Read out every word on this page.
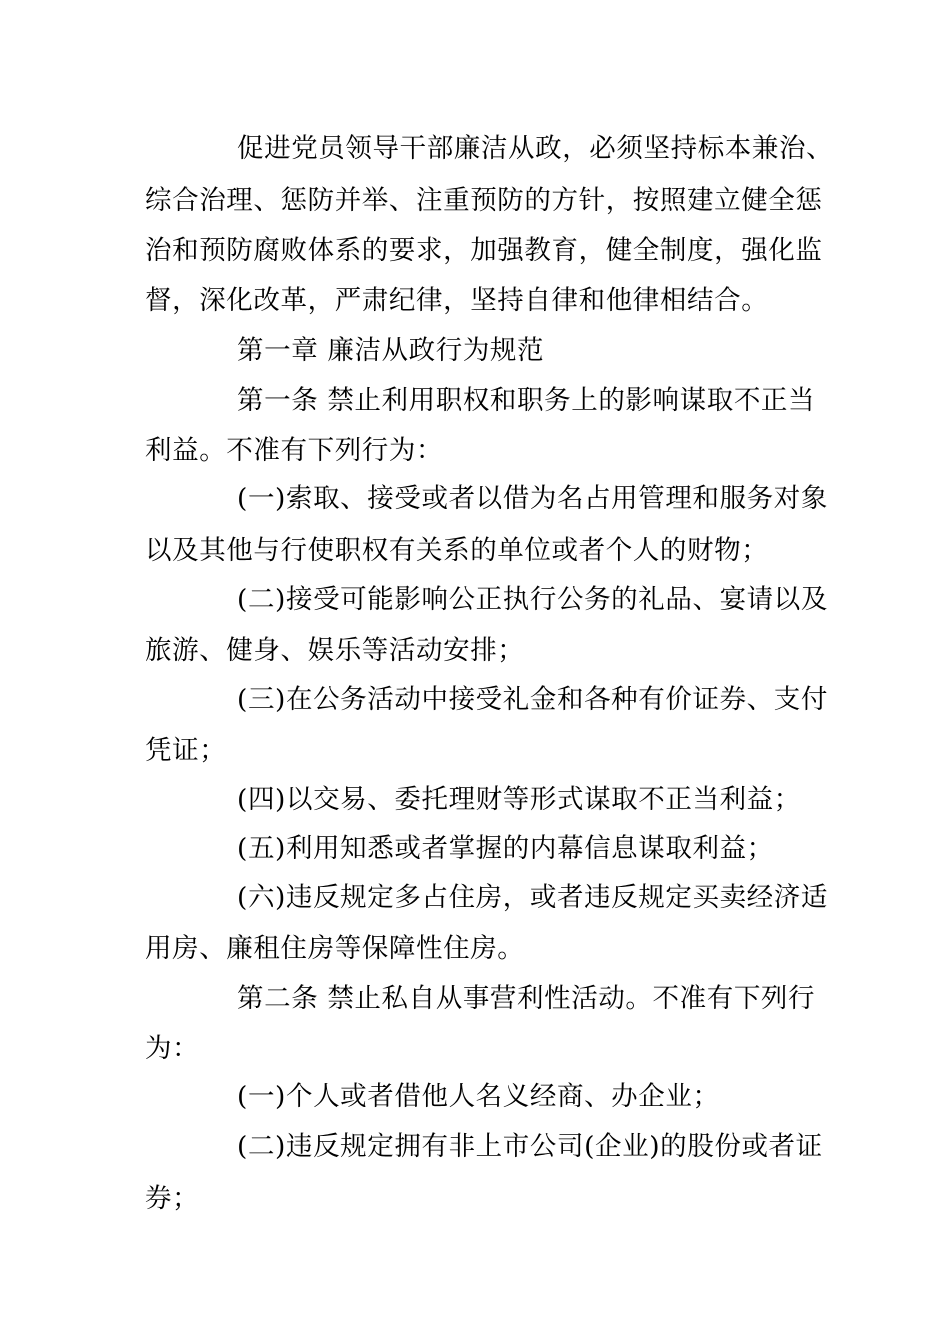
促进党员领导干部廉洁从政，必须坚持标本兼治、
综合治理、惩防并举、注重预防的方针，按照建立健全惩
治和预防腐败体系的要求，加强教育，健全制度，强化监
督，深化改革，严肃纪律，坚持自律和他律相结合。
第一章 廉洁从政行为规范
第一条 禁止利用职权和职务上的影响谋取不正当
利益。不准有下列行为：
(一)索取、接受或者以借为名占用管理和服务对象
以及其他与行使职权有关系的单位或者个人的财物；
(二)接受可能影响公正执行公务的礼品、宴请以及
旅游、健身、娱乐等活动安排；
(三)在公务活动中接受礼金和各种有价证券、支付
凭证；
(四)以交易、委托理财等形式谋取不正当利益；
(五)利用知悉或者掌握的内幕信息谋取利益；
(六)违反规定多占住房，或者违反规定买卖经济适
用房、廉租住房等保障性住房。
第二条 禁止私自从事营利性活动。不准有下列行
为：
(一)个人或者借他人名义经商、办企业；
(二)违反规定拥有非上市公司(企业)的股份或者证
券；
